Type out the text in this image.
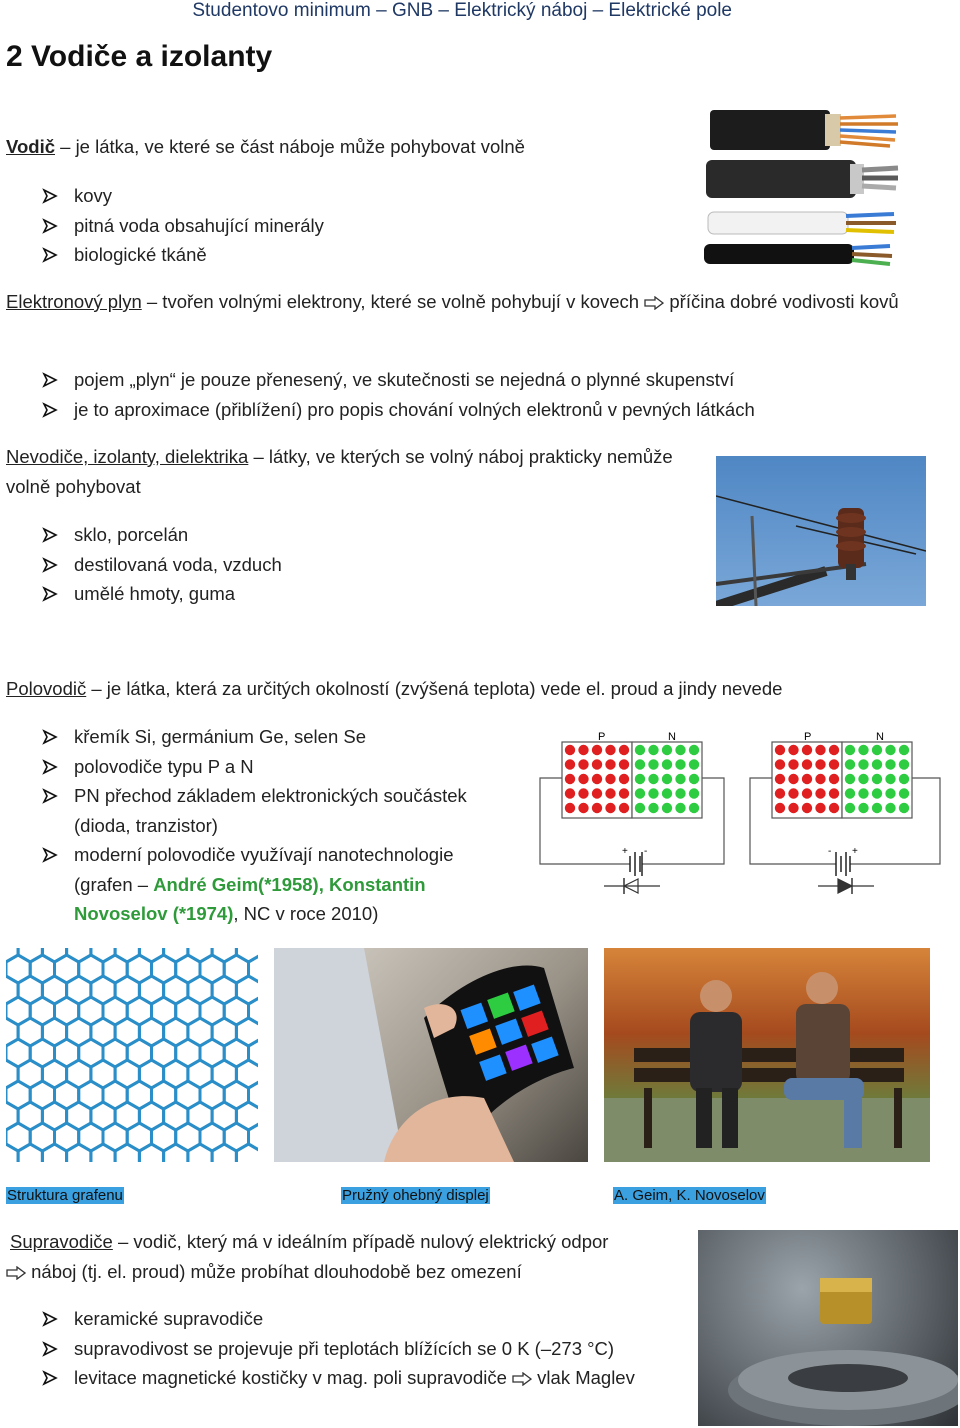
Studentovo minimum – GNB – Elektrický náboj – Elektrické pole
2 Vodiče a izolanty
Vodič – je látka, ve které se část náboje může pohybovat volně
kovy
pitná voda obsahující minerály
biologické tkáně
Elektronový plyn – tvořen volnými elektrony, které se volně pohybují v kovech  příčina dobré vodivosti kovů
pojem „plyn“ je pouze přenesený, ve skutečnosti se nejedná o plynné skupenství
je to aproximace (přiblížení) pro popis chování volných elektronů v pevných látkách
Nevodiče, izolanty, dielektrika – látky, ve kterých se volný náboj prakticky nemůže volně pohybovat
sklo, porcelán
destilovaná voda, vzduch
umělé hmoty, guma
Polovodič – je látka, která za určitých okolností (zvýšená teplota) vede el. proud a jindy nevede
křemík Si, germánium Ge, selen Se
polovodiče typu P a N
PN přechod základem elektronických součástek (dioda, tranzistor)
moderní polovodiče využívají nanotechnologie (grafen – André Geim(*1958), Konstantin Novoselov (*1974), NC v roce 2010)
P	N
+ -
P	N
- +
Struktura grafenu	Pružný ohebný displej	A. Geim, K. Novoselov
Supravodiče – vodič, který má v ideálním případě nulový elektrický odpor
náboj (tj. el. proud) může probíhat dlouhodobě bez omezení
keramické supravodiče
supravodivost se projevuje při teplotách blížících se 0 K (–273 °C)
levitace magnetické kostičky v mag. poli supravodiče  vlak Maglev
